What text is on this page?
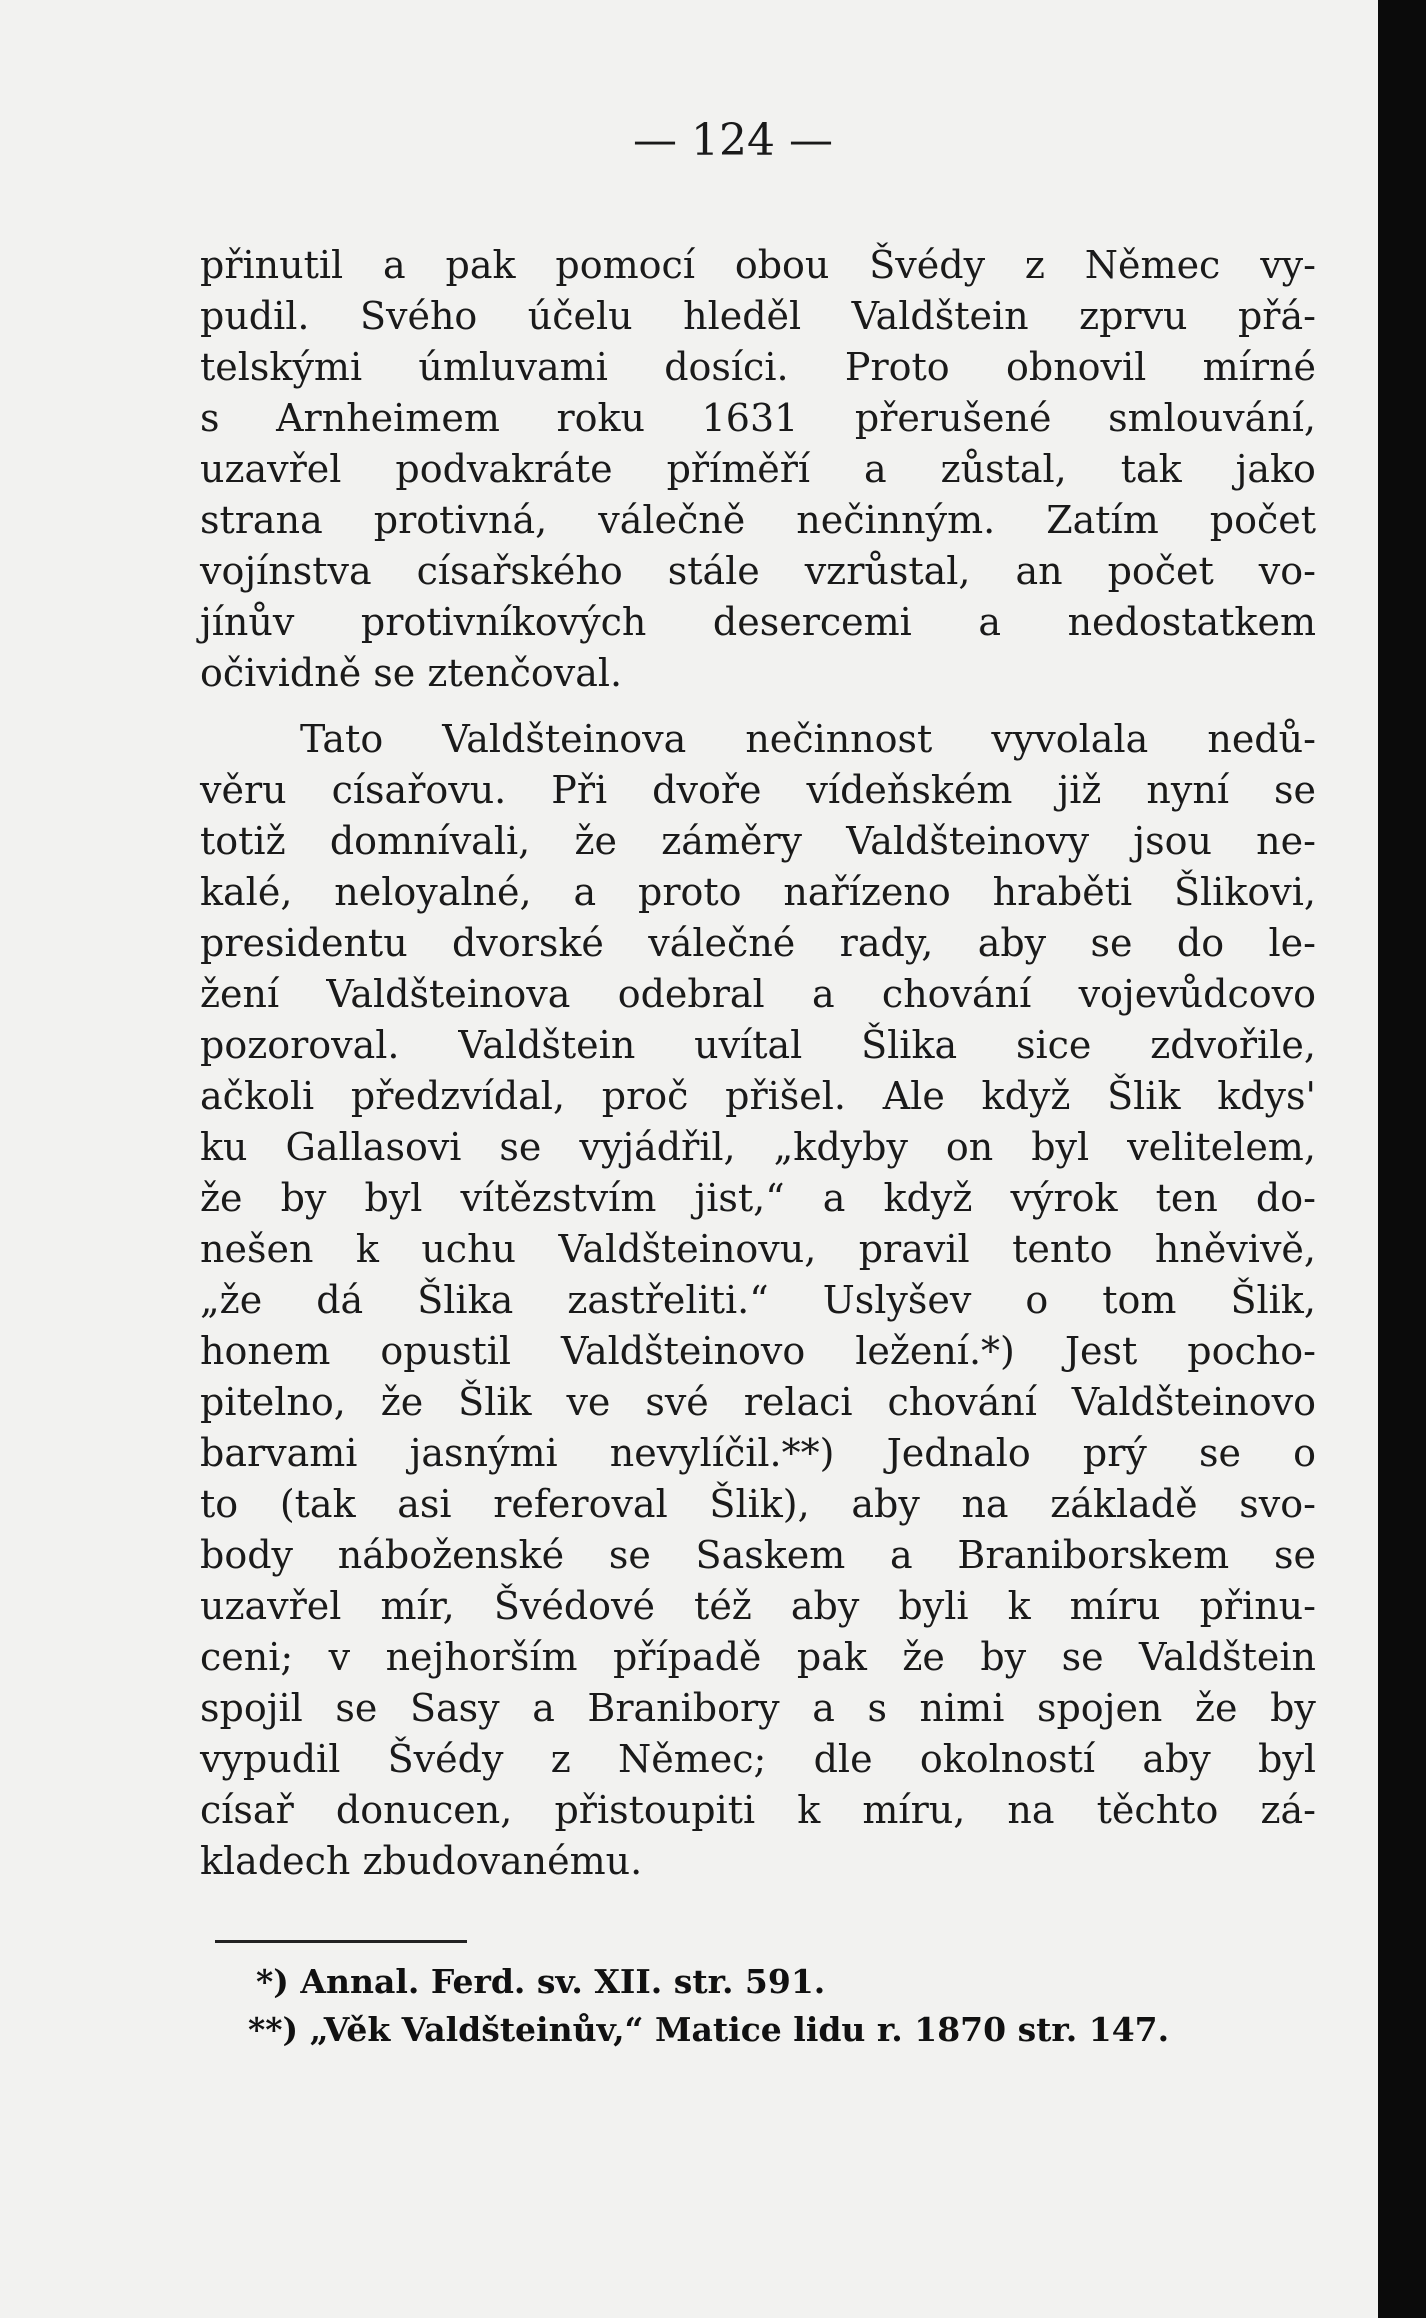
— 124 —

přinutil a pak pomocí obou Švédy z Němec vy-
pudil. Svého účelu hleděl Valdštein zprvu přá-
telskými úmluvami dosíci. Proto obnovil mírné
s Arnheimem roku 1631 přerušené smlouvání,
uzavřel podvakráte příměří a zůstal, tak jako
strana protivná, válečně nečinným. Zatím počet
vojínstva císařského stále vzrůstal, an počet vo-
jínův protivníkových desercemi a nedostatkem
očividně se ztenčoval.

Tato Valdšteinova nečinnost vyvolala nedů-
věru císařovu. Při dvoře vídeňském již nyní se
totiž domnívali, že záměry Valdšteinovy jsou ne-
kalé, neloyalné, a proto nařízeno hraběti Šlikovi,
presidentu dvorské válečné rady, aby se do le-
žení Valdšteinova odebral a chování vojevůdcovo
pozoroval. Valdštein uvítal Šlika sice zdvořile,
ačkoli předzvídal, proč přišel. Ale když Šlik kdys'
ku Gallasovi se vyjádřil, „kdyby on byl velitelem,
že by byl vítězstvím jist,“ a když výrok ten do-
nešen k uchu Valdšteinovu, pravil tento hněvivě,
„že dá Šlika zastřeliti.“ Uslyšev o tom Šlik,
honem opustil Valdšteinovo ležení.*) Jest pocho-
pitelno, že Šlik ve své relaci chování Valdšteinovo
barvami jasnými nevylíčil.**) Jednalo prý se o
to (tak asi referoval Šlik), aby na základě svo-
body náboženské se Saskem a Braniborskem se
uzavřel mír, Švédové též aby byli k míru přinu-
ceni; v nejhorším případě pak že by se Valdštein
spojil se Sasy a Branibory a s nimi spojen že by
vypudil Švédy z Němec; dle okolností aby byl
císař donucen, přistoupiti k míru, na těchto zá-
kladech zbudovanému.

*) Annal. Ferd. sv. XII. str. 591.
**) „Věk Valdšteinův,“ Matice lidu r. 1870 str. 147.
